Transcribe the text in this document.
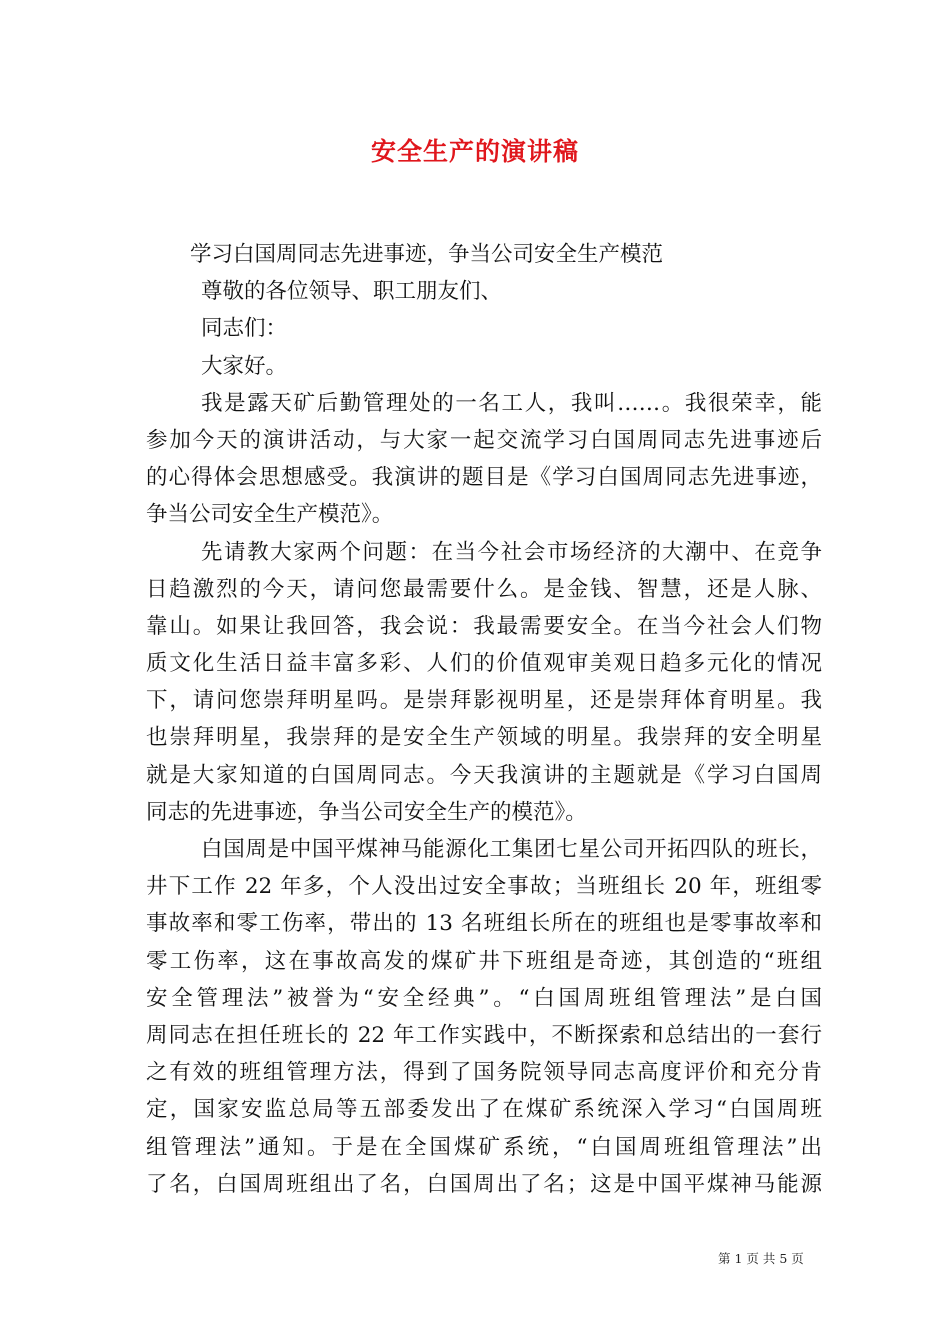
安全生产的演讲稿
学习白国周同志先进事迹，争当公司安全生产模范
尊敬的各位领导、职工朋友们、
同志们：
大家好。
我是露天矿后勤管理处的一名工人，我叫……。我很荣幸，能
参加今天的演讲活动，与大家一起交流学习白国周同志先进事迹后
的心得体会思想感受。我演讲的题目是《学习白国周同志先进事迹，
争当公司安全生产模范》。
先请教大家两个问题：在当今社会市场经济的大潮中、在竞争
日趋激烈的今天，请问您最需要什么。是金钱、智慧，还是人脉、
靠山。如果让我回答，我会说：我最需要安全。在当今社会人们物
质文化生活日益丰富多彩、人们的价值观审美观日趋多元化的情况
下，请问您崇拜明星吗。是崇拜影视明星，还是崇拜体育明星。我
也崇拜明星，我崇拜的是安全生产领域的明星。我崇拜的安全明星
就是大家知道的白国周同志。今天我演讲的主题就是《学习白国周
同志的先进事迹，争当公司安全生产的模范》。
白国周是中国平煤神马能源化工集团七星公司开拓四队的班长，
井下工作 22 年多，个人没出过安全事故；当班组长 20 年，班组零
事故率和零工伤率，带出的 13 名班组长所在的班组也是零事故率和
零工伤率，这在事故高发的煤矿井下班组是奇迹，其创造的“班组
安全管理法”被誉为“安全经典”。“白国周班组管理法”是白国
周同志在担任班长的 22 年工作实践中，不断探索和总结出的一套行
之有效的班组管理方法，得到了国务院领导同志高度评价和充分肯
定，国家安监总局等五部委发出了在煤矿系统深入学习“白国周班
组管理法”通知。于是在全国煤矿系统，“白国周班组管理法”出
了名，白国周班组出了名，白国周出了名；这是中国平煤神马能源
第 1 页 共 5 页
